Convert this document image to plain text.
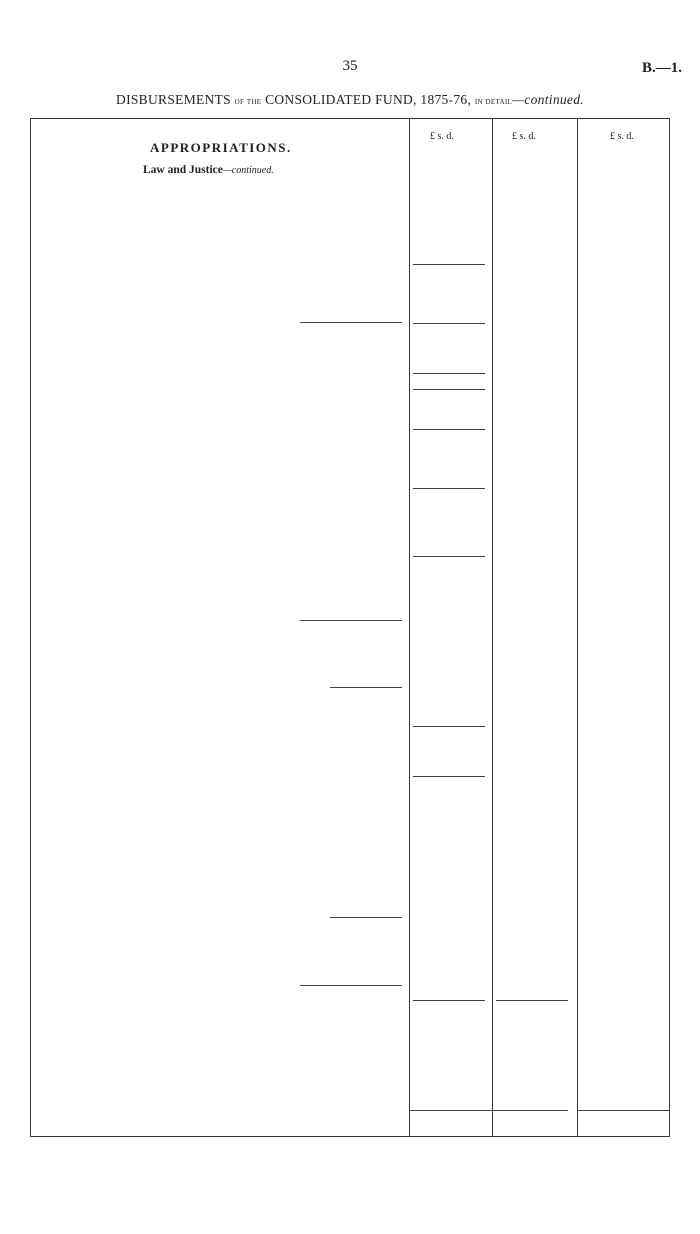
35	B.—1.
DISBURSEMENTS of the CONSOLIDATED FUND, 1875-76, in detail—continued.
APPROPRIATIONS.
Law and Justice—continued.
£ s. d.	£ s. d.	£ s. d.
